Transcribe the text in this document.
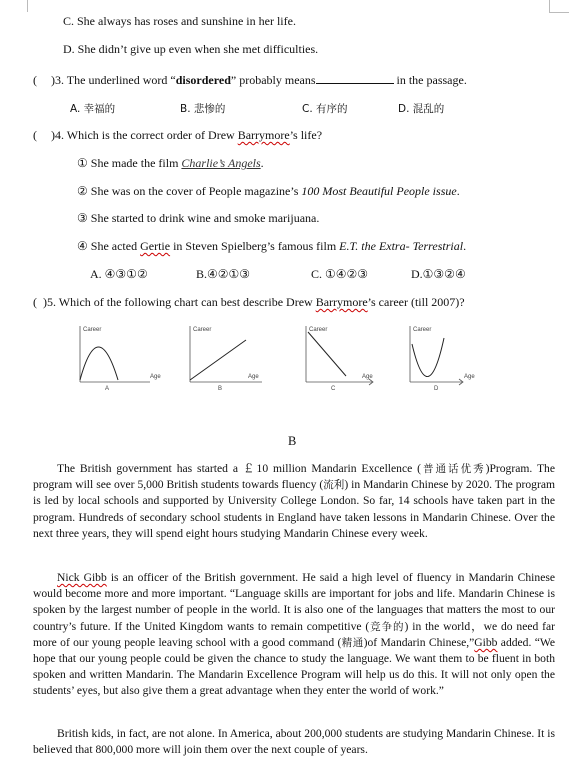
C. She always has roses and sunshine in her life.
D. She didn’t give up even when she met difficulties.
( )3. The underlined word “disordered” probably means	in the passage.
A. 幸福的	B. 悲惨的	C. 有序的	D. 混乱的
( )4. Which is the correct order of Drew Barrymore’s life?
① She made the film Charlie’s Angels.
② She was on the cover of People magazine’s 100 Most Beautiful People issue.
③ She started to drink wine and smoke marijuana.
④ She acted Gertie in Steven Spielberg’s famous film E.T. the Extra- Terrestrial.
A. ④③①②	B.④②①③	C. ①④②③	D.①③②④
( )5. Which of the following chart can best describe Drew Barrymore’s career (till 2007)?
Career
Age
A
Career
Age
B
Career
Age
C
Career
Age
D
B
The British government has started a ￡10 million Mandarin Excellence (普通话优秀)Program. The program will see over 5,000 British students towards fluency (流利) in Mandarin Chinese by 2020. The program is led by local schools and supported by University College London. So far, 14 schools have taken part in the program. Hundreds of secondary school students in England have taken lessons in Mandarin Chinese. Over the next three years, they will spend eight hours studying Mandarin Chinese every week.
Nick Gibb is an officer of the British government. He said a high level of fluency in Mandarin Chinese would become more and more important. “Language skills are important for jobs and life. Mandarin Chinese is spoken by the largest number of people in the world. It is also one of the languages that matters the most to our country’s future. If the United Kingdom wants to remain competitive (竞争的) in the world，we do need far more of our young people leaving school with a good command (精通)of Mandarin Chinese,”Gibb added. “We hope that our young people could be given the chance to study the language. We want them to be fluent in both spoken and written Mandarin. The Mandarin Excellence Program will help us do this. It will not only open the students’ eyes, but also give them a great advantage when they enter the world of work.”
British kids, in fact, are not alone. In America, about 200,000 students are studying Mandarin Chinese. It is believed that 800,000 more will join them over the next couple of years.
